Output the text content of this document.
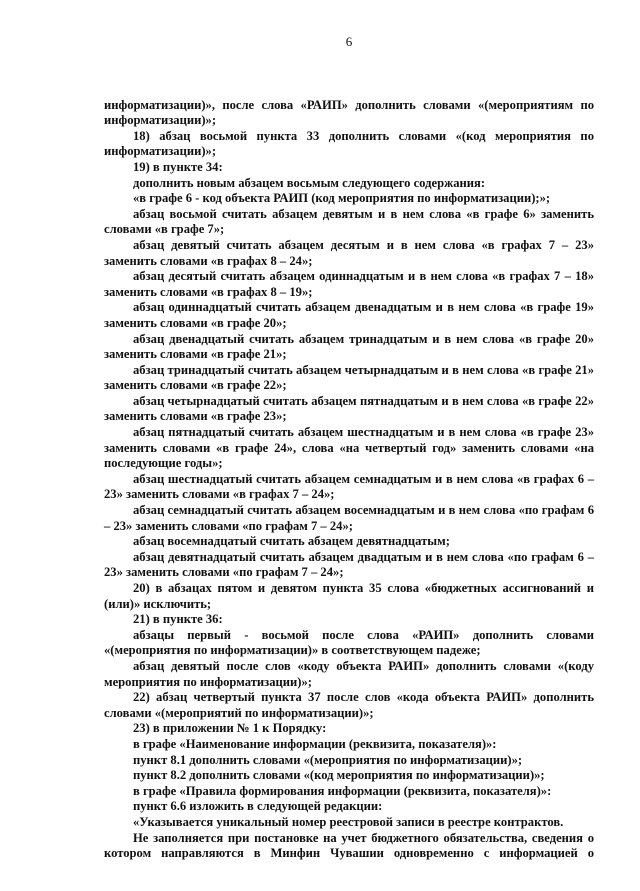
6

информатизации)», после слова «РАИП» дополнить словами «(мероприятиям по информатизации)»;

18) абзац восьмой пункта 33 дополнить словами «(код мероприятия по информатизации)»;

19) в пункте 34:

дополнить новым абзацем восьмым следующего содержания:

«в графе 6 - код объекта РАИП (код мероприятия по информатизации);»;

абзац восьмой считать абзацем девятым и в нем слова «в графе 6» заменить словами «в графе 7»;

абзац девятый считать абзацем десятым и в нем слова «в графах 7 – 23» заменить словами «в графах 8 – 24»;

абзац десятый считать абзацем одиннадцатым и в нем слова «в графах 7 – 18» заменить словами «в графах 8 – 19»;

абзац одиннадцатый считать абзацем двенадцатым и в нем слова «в графе 19» заменить словами «в графе 20»;

абзац двенадцатый считать абзацем тринадцатым и в нем слова «в графе 20» заменить словами «в графе 21»;

абзац тринадцатый считать абзацем четырнадцатым и в нем слова «в графе 21» заменить словами «в графе 22»;

абзац четырнадцатый считать абзацем пятнадцатым и в нем слова «в графе 22» заменить словами «в графе 23»;

абзац пятнадцатый считать абзацем шестнадцатым и в нем слова «в графе 23» заменить словами «в графе 24», слова «на четвертый год» заменить словами «на последующие годы»;

абзац шестнадцатый считать абзацем семнадцатым и в нем слова «в графах 6 – 23» заменить словами «в графах 7 – 24»;

абзац семнадцатый считать абзацем восемнадцатым и в нем слова «по графам 6 – 23» заменить словами «по графам 7 – 24»;

абзац восемнадцатый считать абзацем девятнадцатым;

абзац девятнадцатый считать абзацем двадцатым и в нем слова «по графам 6 – 23» заменить словами «по графам 7 – 24»;

20) в абзацах пятом и девятом пункта 35 слова «бюджетных ассигнований и (или)» исключить;

21) в пункте 36:

абзацы первый - восьмой после слова «РАИП» дополнить словами «(мероприятия по информатизации)» в соответствующем падеже;

абзац девятый после слов «коду объекта РАИП» дополнить словами «(коду мероприятия по информатизации)»;

22) абзац четвертый пункта 37 после слов «кода объекта РАИП» дополнить словами «(мероприятий по информатизации)»;

23) в приложении № 1 к Порядку:

в графе «Наименование информации (реквизита, показателя)»:

пункт 8.1 дополнить словами «(мероприятия по информатизации)»;

пункт 8.2 дополнить словами «(код мероприятия по информатизации)»;

в графе «Правила формирования информации (реквизита, показателя)»:

пункт 6.6 изложить в следующей редакции:

«Указывается уникальный номер реестровой записи в реестре контрактов.

Не заполняется при постановке на учет бюджетного обязательства, сведения о котором направляются в Минфин Чувашии одновременно с информацией о
